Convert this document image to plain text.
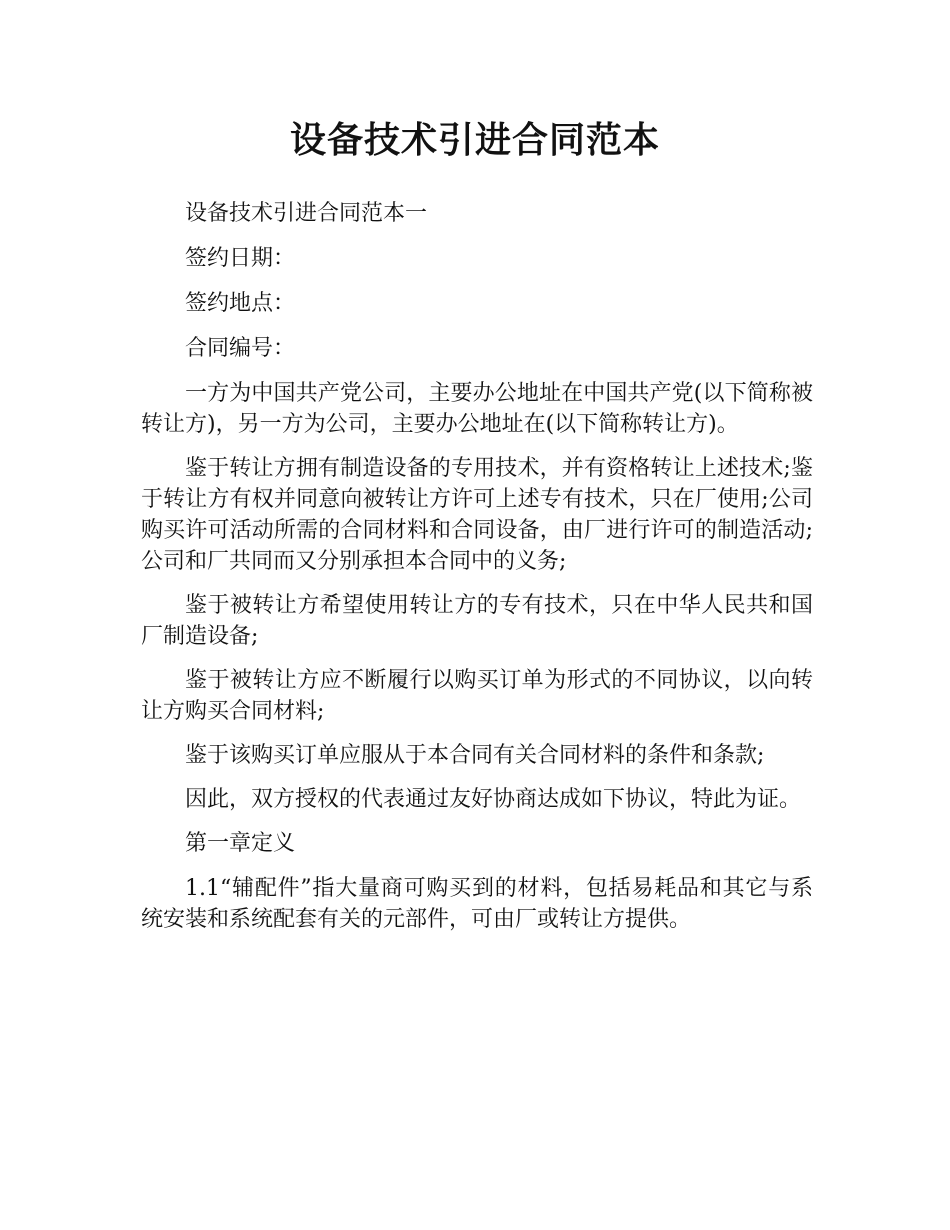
设备技术引进合同范本

设备技术引进合同范本一

签约日期：

签约地点：

合同编号：

一方为中国共产党公司，主要办公地址在中国共产党(以下简称被转让方)，另一方为公司，主要办公地址在(以下简称转让方)。

鉴于转让方拥有制造设备的专用技术，并有资格转让上述技术;鉴于转让方有权并同意向被转让方许可上述专有技术，只在厂使用;公司购买许可活动所需的合同材料和合同设备，由厂进行许可的制造活动;公司和厂共同而又分别承担本合同中的义务;

鉴于被转让方希望使用转让方的专有技术，只在中华人民共和国厂制造设备;

鉴于被转让方应不断履行以购买订单为形式的不同协议，以向转让方购买合同材料;

鉴于该购买订单应服从于本合同有关合同材料的条件和条款;

因此，双方授权的代表通过友好协商达成如下协议，特此为证。

第一章定义

1.1“辅配件”指大量商可购买到的材料，包括易耗品和其它与系统安装和系统配套有关的元部件，可由厂或转让方提供。
